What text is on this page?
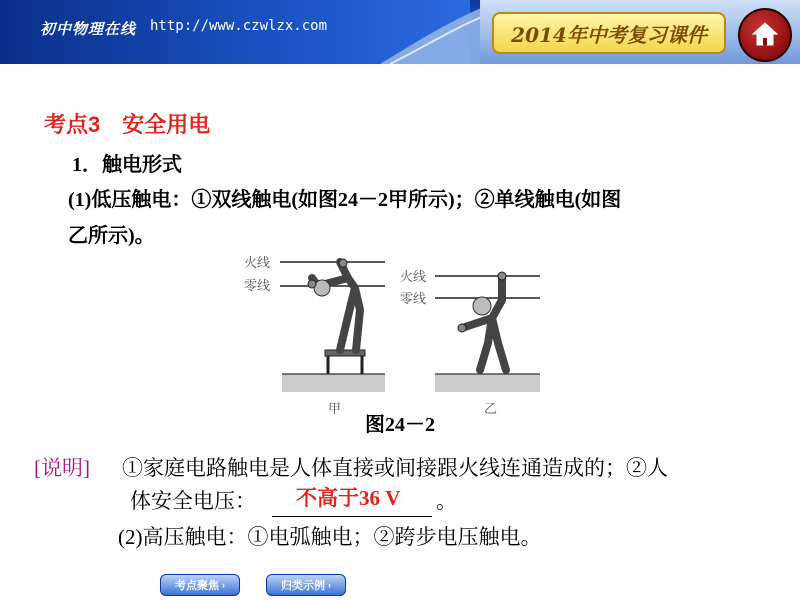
初中物理在线 http://www.czwlzx.com	2014年中考复习课件
考点3　安全用电
1．触电形式
(1)低压触电：①双线触电(如图24－2甲所示)；②单线触电(如图
乙所示)。
火线
零线
甲
火线
零线
乙
图24－2
[说明] ①家庭电路触电是人体直接或间接跟火线连通造成的；②人
体安全电压： 不高于36 V 。
(2)高压触电：①电弧触电；②跨步电压触电。
考点聚焦 ›	归类示例 ›
